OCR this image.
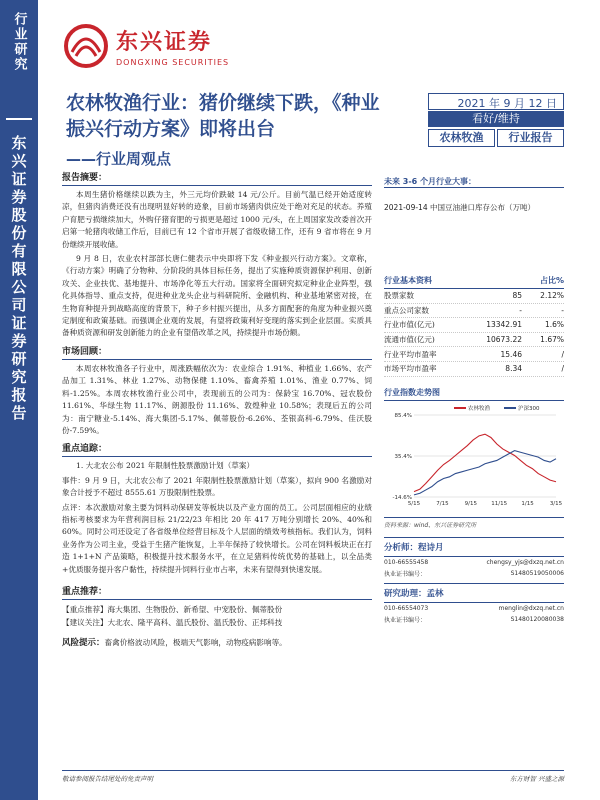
行业研究
东兴证券股份有限公司证券研究报告
东兴证券
DONGXING SECURITIES
农林牧渔行业：猪价继续下跌，《种业振兴行动方案》即将出台
——行业周观点
2021 年 9 月 12 日
看好/维持
农林牧渔	行业报告
报告摘要：

本周生猪价格继续以跌为主，外三元均价跌破 14 元/公斤。目前气温已经开始适度转凉，但猪肉消费还没有出现明显好转的迹象，目前市场猪肉供应处于绝对充足的状态。养殖户育肥亏损继续加大，外购仔猪育肥的亏损更是超过 1000 元/头，在上周国家发改委首次开启第一轮猪肉收储工作后，目前已有 12 个省市开展了省级收储工作，还有 9 省市将在 9 月份继续开展收储。

9 月 8 日，农业农村部部长唐仁健表示中央即将下发《种业振兴行动方案》。文章称，《行动方案》明确了分物种、分阶段的具体目标任务，提出了实施种质资源保护利用、创新攻关、企业扶优、基地提升、市场净化等五大行动。国家将全面研究拟定种业企业阵型，强化具体指导、重点支持，促进种业龙头企业与科研院所、金融机构、种业基地紧密对接，在生物育种提升到战略高度的背景下，种子乡村振兴提出，从多方面配套的角度为种业振兴奠定制度和政策基础。而强调企业观的发展，有望将政策利好变现的落实到企业层面。实质具备种质资源和研发创新能力的企业有望借改革之风，持续提升市场份额。

市场回顾：

本周农林牧渔各子行业中，周涨跌幅依次为：农业综合 1.91%、种植业 1.66%、农产品加工 1.31%、林业 1.27%、动物保健 1.10%、畜禽养殖 1.01%、渔业 0.77%、饲料-1.25%。本周农林牧渔行业公司中，表现前五的公司为：保龄宝 16.70%、冠农股份 11.61%、华绿生物 11.17%、朗源股份 11.16%、敦煌种业 10.58%；表现后五的公司为：南宁糖业-5.14%、海大集团-5.17%、佩蒂股份-6.26%、荃银高科-6.79%、佳沃股份-7.59%。

重点追踪：

1. 大北农公布 2021 年限制性股票激励计划（草案）

事件：9 月 9 日，大北农公布了 2021 年限制性股票激励计划（草案），拟向 900 名激励对象合计授予不超过 8555.61 万股限制性股票。

点评：本次激励对象主要为饲料动保研发等板块以及产业方面的员工。公司层面相应的业绩指标考核要求为年营利润目标 21/22/23 年相比 20 年 417 万吨分别增长 20%、40%和 60%。同时公司还设定了各省级单位经营目标及个人层面的绩效考核指标。我们认为，饲料业务作为公司主业，受益于生猪产能恢复，上半年保持了较快增长。公司在饲料板块正在打造 1+1+N 产品策略，积极提升技术服务水平，在立足猪料传统优势的基础上，以全品类+优质服务提升客户黏性，持续提升饲料行业市占率，未来有望得到快速发展。

重点推荐：
【重点推荐】海大集团、生物股份、新希望、中宠股份、佩蒂股份
【建议关注】大北农、隆平高科、温氏股份、温氏股份、正邦科技
风险提示：畜禽价格波动风险，极端天气影响，动物疫病影响等。
未来 3-6 个月行业大事：
2021-09-14 中国豆油港口库存公布（万吨）
行业基本资料	占比%
股票家数	85	2.12%
重点公司家数	-	-
行业市值(亿元)	13342.91	1.6%
流通市值(亿元)	10673.22	1.67%
行业平均市盈率	15.46	/
市场平均市盈率	8.34	/
行业指数走势图
85.4%
35.4%
-14.6%
5/15	7/15	9/15	11/15	1/15	3/15
农林牧渔	沪深300
资料来源：wind、东兴证券研究所
分析师：程诗月
010-66555458	chengsy_yjs@dxzq.net.cn
执业证书编号：	S1480519050006
研究助理：孟林
010-66554073	menglin@dxzq.net.cn
执业证书编号：	S1480120080038
敬请参阅报告结尾处的免责声明	东方财智 兴盛之源
